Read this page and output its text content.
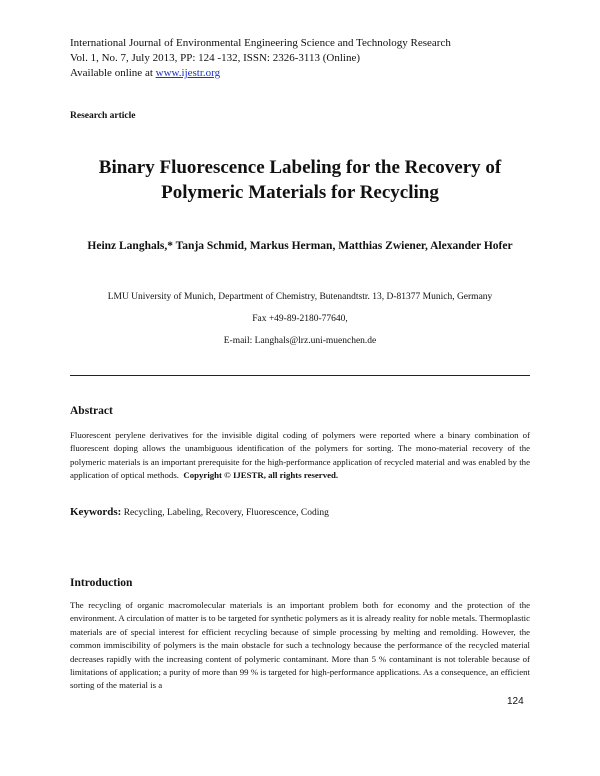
International Journal of Environmental Engineering Science and Technology Research
Vol. 1, No. 7, July 2013, PP: 124 -132, ISSN: 2326-3113 (Online)
Available online at www.ijestr.org
Research article
Binary Fluorescence Labeling for the Recovery of
Polymeric Materials for Recycling
Heinz Langhals,* Tanja Schmid, Markus Herman, Matthias Zwiener, Alexander Hofer
LMU University of Munich, Department of Chemistry, Butenandtstr. 13, D-81377 Munich, Germany
Fax +49-89-2180-77640,
E-mail: Langhals@lrz.uni-muenchen.de
Abstract
Fluorescent perylene derivatives for the invisible digital coding of polymers were reported where a binary combination of fluorescent doping allows the unambiguous identification of the polymers for sorting. The mono-material recovery of the polymeric materials is an important prerequisite for the high-performance application of recycled material and was enabled by the application of optical methods. Copyright © IJESTR, all rights reserved.
Keywords: Recycling, Labeling, Recovery, Fluorescence, Coding
Introduction
The recycling of organic macromolecular materials is an important problem both for economy and the protection of the environment. A circulation of matter is to be targeted for synthetic polymers as it is already reality for noble metals. Thermoplastic materials are of special interest for efficient recycling because of simple processing by melting and remolding. However, the common immiscibility of polymers is the main obstacle for such a technology because the performance of the recycled material decreases rapidly with the increasing content of polymeric contaminant. More than 5 % contaminant is not tolerable because of limitations of application; a purity of more than 99 % is targeted for high-performance applications. As a consequence, an efficient sorting of the material is a
124
